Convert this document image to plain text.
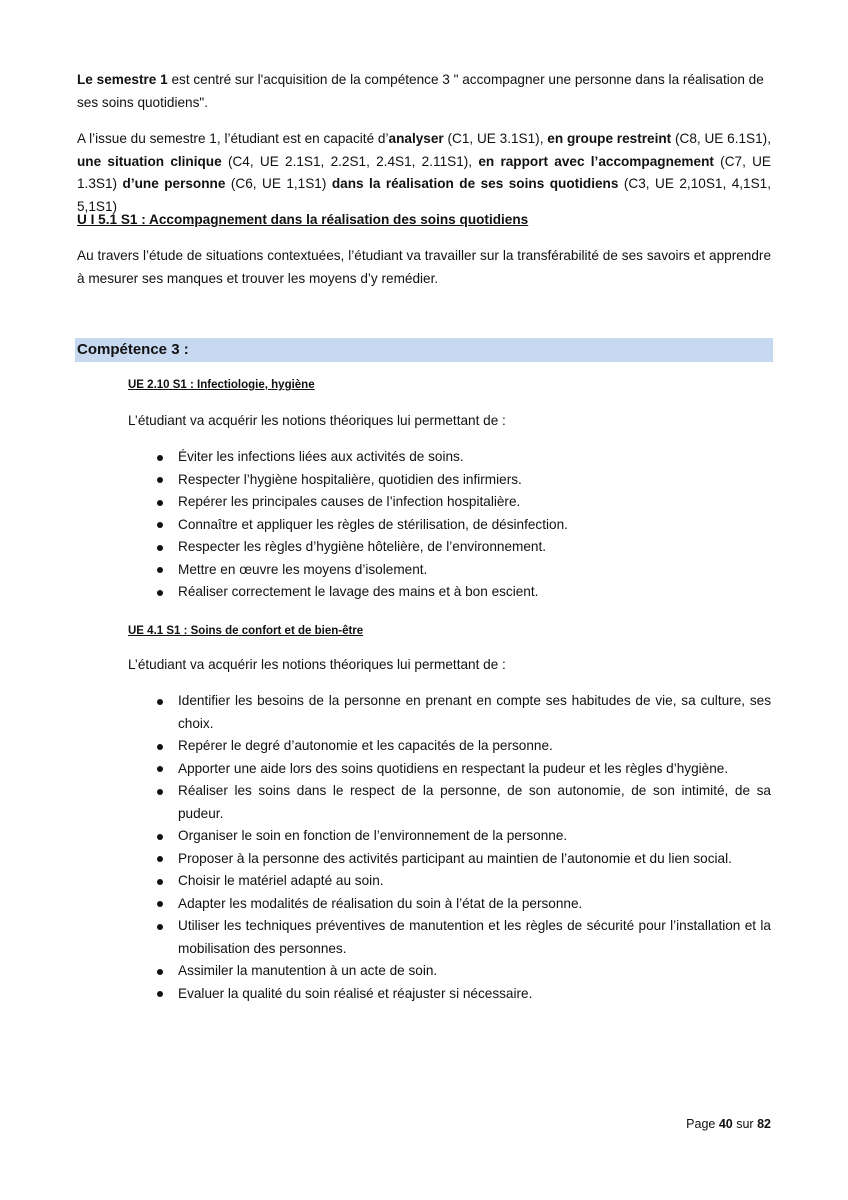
Le semestre 1 est centré sur l'acquisition de la compétence 3 " accompagner une personne dans la réalisation de ses soins quotidiens".

A l’issue du semestre 1, l’étudiant est en capacité d’analyser (C1, UE 3.1S1), en groupe restreint (C8, UE 6.1S1), une situation clinique (C4, UE 2.1S1, 2.2S1, 2.4S1, 2.11S1), en rapport avec l’accompagnement (C7, UE 1.3S1) d’une personne (C6, UE 1,1S1) dans la réalisation de ses soins quotidiens (C3, UE 2,10S1, 4,1S1, 5,1S1)

U I 5.1 S1 : Accompagnement dans la réalisation des soins quotidiens

Au travers l’étude de situations contextuées, l’étudiant va travailler sur la transférabilité de ses savoirs et apprendre à mesurer ses manques et trouver les moyens d’y remédier.

Compétence 3 :
UE 2.10 S1 : Infectiologie, hygiène
L’étudiant va acquérir les notions théoriques lui permettant de :
Éviter les infections liées aux activités de soins.
Respecter l’hygiène hospitalière, quotidien des infirmiers.
Repérer les principales causes de l’infection hospitalière.
Connaître et appliquer les règles de stérilisation, de désinfection.
Respecter les règles d’hygiène hôtelière, de l’environnement.
Mettre en œuvre les moyens d’isolement.
Réaliser correctement le lavage des mains et à bon escient.
UE 4.1 S1 : Soins de confort et de bien-être
L’étudiant va acquérir les notions théoriques lui permettant de :
Identifier les besoins de la personne en prenant en compte ses habitudes de vie, sa culture, ses choix.
Repérer le degré d’autonomie et les capacités de la personne.
Apporter une aide lors des soins quotidiens en respectant la pudeur et les règles d’hygiène.
Réaliser les soins dans le respect de la personne, de son autonomie, de son intimité, de sa pudeur.
Organiser le soin en fonction de l’environnement de la personne.
Proposer à la personne des activités participant au maintien de l’autonomie et du lien social.
Choisir le matériel adapté au soin.
Adapter les modalités de réalisation du soin à l’état de la personne.
Utiliser les techniques préventives de manutention et les règles de sécurité pour l’installation et la mobilisation des personnes.
Assimiler la manutention à un acte de soin.
Evaluer la qualité du soin réalisé et réajuster si nécessaire.
Page 40 sur 82
